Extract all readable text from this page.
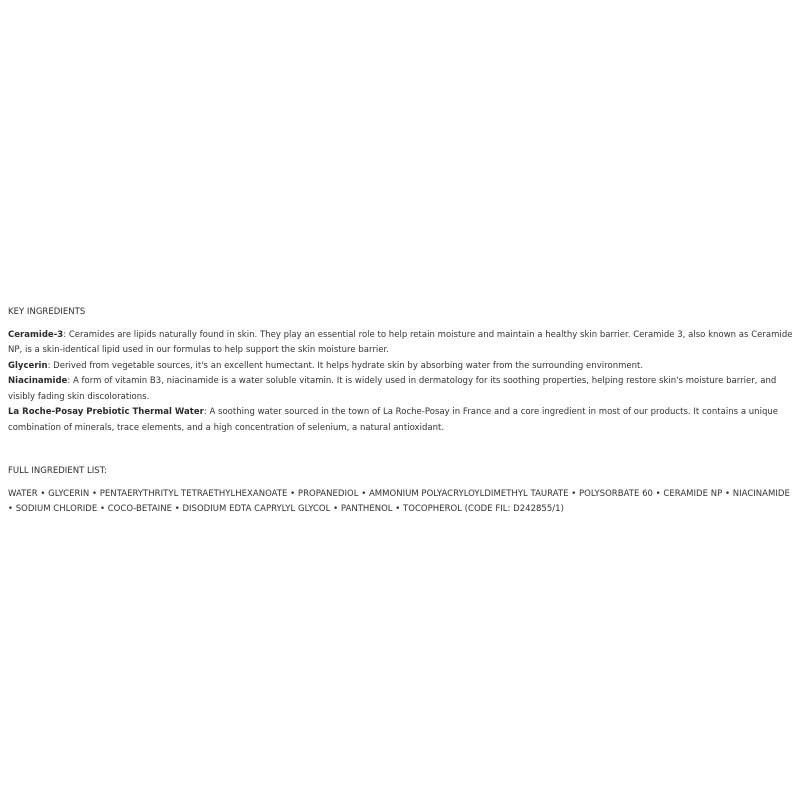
KEY INGREDIENTS

Ceramide-3: Ceramides are lipids naturally found in skin. They play an essential role to help retain moisture and maintain a healthy skin barrier. Ceramide 3, also known as Ceramide NP, is a skin-identical lipid used in our formulas to help support the skin moisture barrier.

Glycerin: Derived from vegetable sources, it's an excellent humectant. It helps hydrate skin by absorbing water from the surrounding environment.

Niacinamide: A form of vitamin B3, niacinamide is a water soluble vitamin. It is widely used in dermatology for its soothing properties, helping restore skin's moisture barrier, and visibly fading skin discolorations.

La Roche-Posay Prebiotic Thermal Water: A soothing water sourced in the town of La Roche-Posay in France and a core ingredient in most of our products. It contains a unique combination of minerals, trace elements, and a high concentration of selenium, a natural antioxidant.

FULL INGREDIENT LIST:

WATER • GLYCERIN • PENTAERYTHRITYL TETRAETHYLHEXANOATE • PROPANEDIOL • AMMONIUM POLYACRYLOYLDIMETHYL TAURATE • POLYSORBATE 60 • CERAMIDE NP • NIACINAMIDE • SODIUM CHLORIDE • COCO-BETAINE • DISODIUM EDTA CAPRYLYL GLYCOL • PANTHENOL • TOCOPHEROL (CODE FIL: D242855/1)
